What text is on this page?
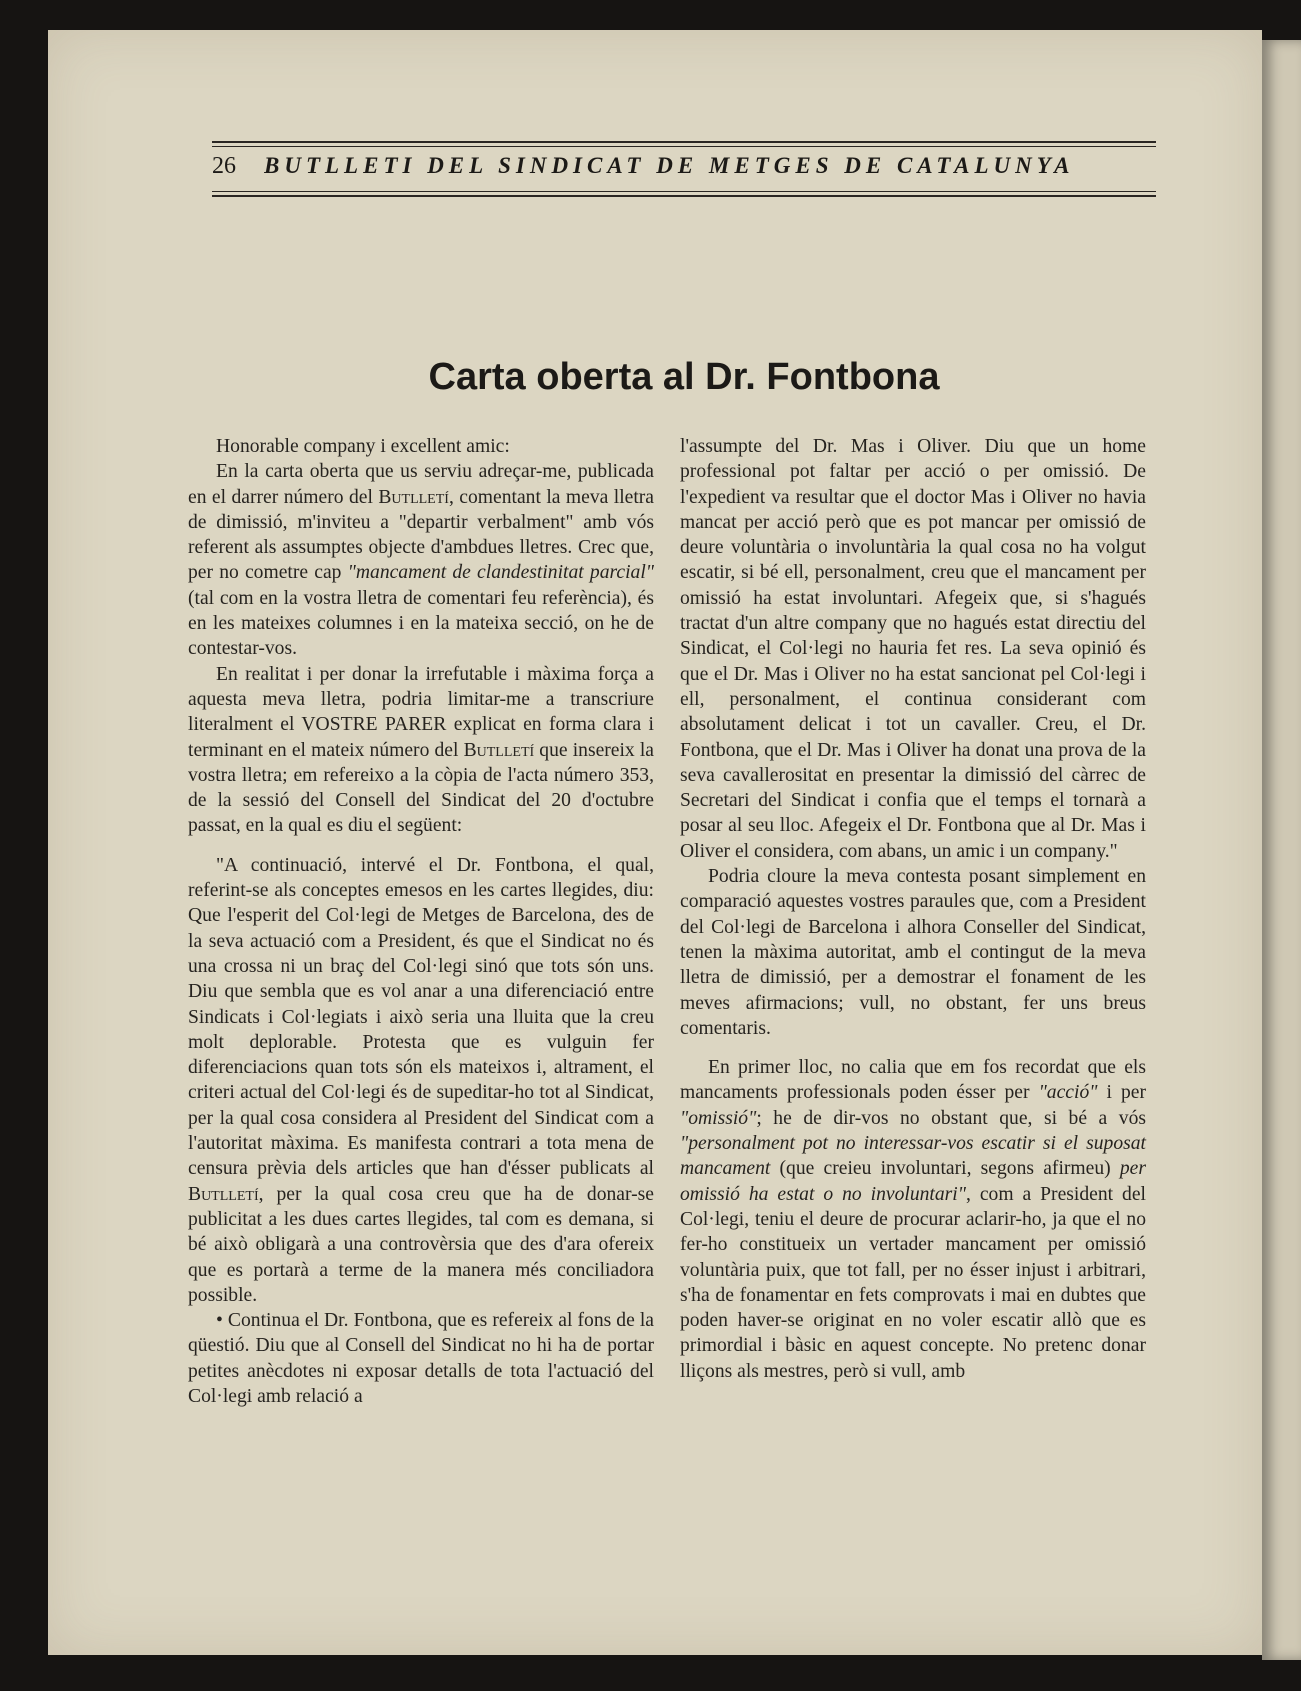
26 BUTLLETI DEL SINDICAT DE METGES DE CATALUNYA
Carta oberta al Dr. Fontbona

Honorable company i excellent amic:

En la carta oberta que us serviu adreçar-me, publicada en el darrer número del Butlletí, comentant la meva lletra de dimissió, m'inviteu a "departir verbalment" amb vós referent als assumptes objecte d'ambdues lletres. Crec que, per no cometre cap "mancament de clandestinitat parcial" (tal com en la vostra lletra de comentari feu referència), és en les mateixes columnes i en la mateixa secció, on he de contestar-vos.

En realitat i per donar la irrefutable i màxima força a aquesta meva lletra, podria limitar-me a transcriure literalment el VOSTRE PARER explicat en forma clara i terminant en el mateix número del Butlletí que insereix la vostra lletra; em refereixo a la còpia de l'acta número 353, de la sessió del Consell del Sindicat del 20 d'octubre passat, en la qual es diu el següent:

"A continuació, intervé el Dr. Fontbona, el qual, referint-se als conceptes emesos en les cartes llegides, diu: Que l'esperit del Col·legi de Metges de Barcelona, des de la seva actuació com a President, és que el Sindicat no és una crossa ni un braç del Col·legi sinó que tots són uns. Diu que sembla que es vol anar a una diferenciació entre Sindicats i Col·legiats i això seria una lluita que la creu molt deplorable. Protesta que es vulguin fer diferenciacions quan tots són els mateixos i, altrament, el criteri actual del Col·legi és de supeditar-ho tot al Sindicat, per la qual cosa considera al President del Sindicat com a l'autoritat màxima. Es manifesta contrari a tota mena de censura prèvia dels articles que han d'ésser publicats al Butlletí, per la qual cosa creu que ha de donar-se publicitat a les dues cartes llegides, tal com es demana, si bé això obligarà a una controvèrsia que des d'ara ofereix que es portarà a terme de la manera més conciliadora possible.

• Continua el Dr. Fontbona, que es refereix al fons de la qüestió. Diu que al Consell del Sindicat no hi ha de portar petites anècdotes ni exposar detalls de tota l'actuació del Col·legi amb relació a

l'assumpte del Dr. Mas i Oliver. Diu que un home professional pot faltar per acció o per omissió. De l'expedient va resultar que el doctor Mas i Oliver no havia mancat per acció però que es pot mancar per omissió de deure voluntària o involuntària la qual cosa no ha volgut escatir, si bé ell, personalment, creu que el mancament per omissió ha estat involuntari. Afegeix que, si s'hagués tractat d'un altre company que no hagués estat directiu del Sindicat, el Col·legi no hauria fet res. La seva opinió és que el Dr. Mas i Oliver no ha estat sancionat pel Col·legi i ell, personalment, el continua considerant com absolutament delicat i tot un cavaller. Creu, el Dr. Fontbona, que el Dr. Mas i Oliver ha donat una prova de la seva cavallerositat en presentar la dimissió del càrrec de Secretari del Sindicat i confia que el temps el tornarà a posar al seu lloc. Afegeix el Dr. Fontbona que al Dr. Mas i Oliver el considera, com abans, un amic i un company."

Podria cloure la meva contesta posant simplement en comparació aquestes vostres paraules que, com a President del Col·legi de Barcelona i alhora Conseller del Sindicat, tenen la màxima autoritat, amb el contingut de la meva lletra de dimissió, per a demostrar el fonament de les meves afirmacions; vull, no obstant, fer uns breus comentaris.

En primer lloc, no calia que em fos recordat que els mancaments professionals poden ésser per "acció" i per "omissió"; he de dir-vos no obstant que, si bé a vós "personalment pot no interessar-vos escatir si el suposat mancament (que creieu involuntari, segons afirmeu) per omissió ha estat o no involuntari", com a President del Col·legi, teniu el deure de procurar aclarir-ho, ja que el no fer-ho constitueix un vertader mancament per omissió voluntària puix, que tot fall, per no ésser injust i arbitrari, s'ha de fonamentar en fets comprovats i mai en dubtes que poden haver-se originat en no voler escatir allò que es primordial i bàsic en aquest concepte. No pretenc donar lliçons als mestres, però si vull, amb
